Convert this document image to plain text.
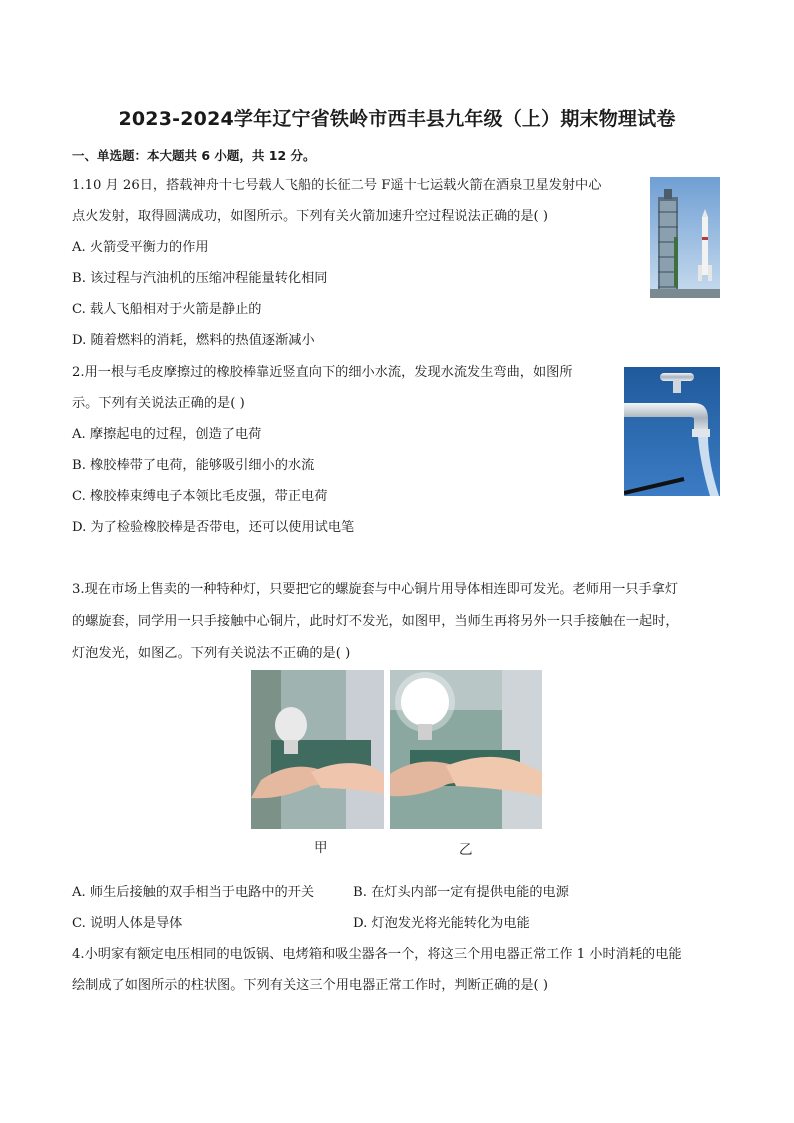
2023-2024学年辽宁省铁岭市西丰县九年级（上）期末物理试卷
一、单选题：本大题共 6 小题，共 12 分。
1.10 月 26日，搭载神舟十七号载人飞船的长征二号 F遥十七运载火箭在酒泉卫星发射中心
点火发射，取得圆满成功，如图所示。下列有关火箭加速升空过程说法正确的是( )
A. 火箭受平衡力的作用
B. 该过程与汽油机的压缩冲程能量转化相同
C. 载人飞船相对于火箭是静止的
D. 随着燃料的消耗，燃料的热值逐渐减小
2.用一根与毛皮摩擦过的橡胶棒靠近竖直向下的细小水流，发现水流发生弯曲，如图所
示。下列有关说法正确的是( )
A. 摩擦起电的过程，创造了电荷
B. 橡胶棒带了电荷，能够吸引细小的水流
C. 橡胶棒束缚电子本领比毛皮强，带正电荷
D. 为了检验橡胶棒是否带电，还可以使用试电笔
3.现在市场上售卖的一种特种灯，只要把它的螺旋套与中心铜片用导体相连即可发光。老师用一只手拿灯
的螺旋套，同学用一只手接触中心铜片，此时灯不发光，如图甲，当师生再将另外一只手接触在一起时，
灯泡发光，如图乙。下列有关说法不正确的是( )
甲	乙
A. 师生后接触的双手相当于电路中的开关	B. 在灯头内部一定有提供电能的电源
C. 说明人体是导体	D. 灯泡发光将光能转化为电能
4.小明家有额定电压相同的电饭锅、电烤箱和吸尘器各一个，将这三个用电器正常工作 1 小时消耗的电能
绘制成了如图所示的柱状图。下列有关这三个用电器正常工作时，判断正确的是( )
